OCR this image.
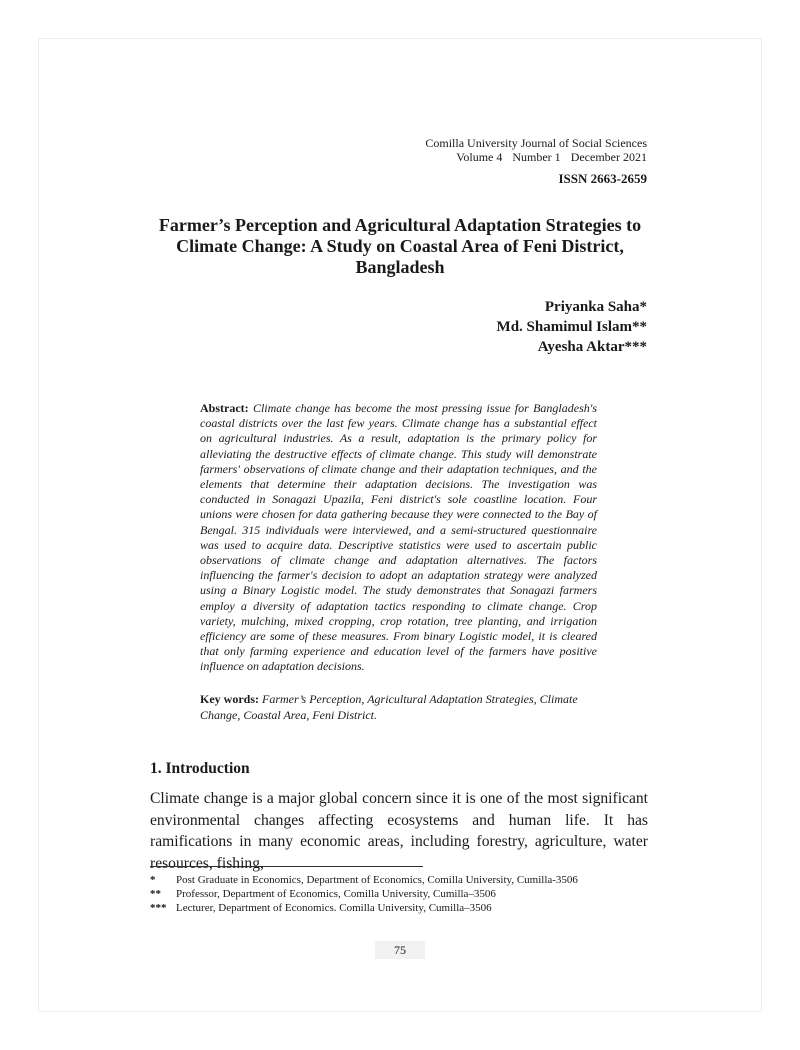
Comilla University Journal of Social Sciences
Volume 4 Number 1 December 2021
ISSN 2663-2659
Farmer’s Perception and Agricultural Adaptation Strategies to Climate Change: A Study on Coastal Area of Feni District, Bangladesh
Priyanka Saha*
Md. Shamimul Islam**
Ayesha Aktar***
Abstract: Climate change has become the most pressing issue for Bangladesh's coastal districts over the last few years. Climate change has a substantial effect on agricultural industries. As a result, adaptation is the primary policy for alleviating the destructive effects of climate change. This study will demonstrate farmers' observations of climate change and their adaptation techniques, and the elements that determine their adaptation decisions. The investigation was conducted in Sonagazi Upazila, Feni district's sole coastline location. Four unions were chosen for data gathering because they were connected to the Bay of Bengal. 315 individuals were interviewed, and a semi-structured questionnaire was used to acquire data. Descriptive statistics were used to ascertain public observations of climate change and adaptation alternatives. The factors influencing the farmer's decision to adopt an adaptation strategy were analyzed using a Binary Logistic model. The study demonstrates that Sonagazi farmers employ a diversity of adaptation tactics responding to climate change. Crop variety, mulching, mixed cropping, crop rotation, tree planting, and irrigation efficiency are some of these measures. From binary Logistic model, it is cleared that only farming experience and education level of the farmers have positive influence on adaptation decisions.
Key words: Farmer’s Perception, Agricultural Adaptation Strategies, Climate Change, Coastal Area, Feni District.
1. Introduction

Climate change is a major global concern since it is one of the most significant environmental changes affecting ecosystems and human life. It has ramifications in many economic areas, including forestry, agriculture, water resources, fishing,

*	Post Graduate in Economics, Department of Economics, Comilla University, Cumilla-3506
**	Professor, Department of Economics, Comilla University, Cumilla–3506
*** Lecturer, Department of Economics. Comilla University, Cumilla–3506
75
